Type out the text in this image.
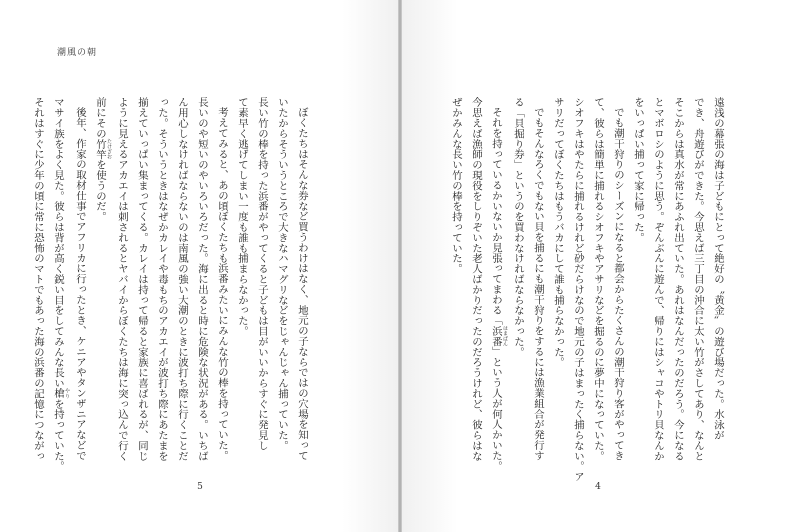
潮風の朝
ぼくたちはそんな券など買うわけはなく、地元の子ならではの穴場を知って
いたからそういうところで大きなハマグリなどをじゃんじゃん捕っていた。
長い竹の棒を持った浜番がやってくると子どもは目がいいからすぐに発見し
て素早く逃げてしまい一度も誰も捕まらなかった。
考えてみると、あの頃ぼくたちも浜番みたいにみんな竹の棒を持っていた。
長いのや短いのやいろいろだった。海に出ると時に危険な状況がある。いちば
ん用心しなければならないのは南風の強い大潮のときに波打ち際に行くことだ
った。そういうときはなぜかカレイや毒もちのアカエイが波打ち際にあたまを
揃えていっぱい集まってくる。カレイは持って帰ると家族に喜ばれるが、同じ
ように見えるアカエイは刺されるとヤバイからぼくたちは海に突っ込んで行く
前にその竹竿 たけざおを使うのだ。
後年、作家の取材仕事でアフリカに行ったとき、ケニアやタンザニアなどで
マサイ族をよく見た。彼らは背が高く鋭い目をしてみんな長い槍 やりを持っていた。
それはすぐに少年の頃に常に恐怖のマトでもあった海の浜番の記憶につながっ
5
遠浅の幕張の海は子どもにとって絶好の〝黄金〟の遊び場だった。水泳が
でき、舟遊びができた。今思えば三丁目の沖合に太い竹がさしてあり、なんと
そこからは真水が常にあふれ出ていた。あれはなんだったのだろう。今になる
とマボロシのように思う。ぞんぶんに遊んで、帰りにはシャコやトリ貝なんか
をいっぱい捕って家に帰った。
でも潮干狩りのシーズンになると都会からたくさんの潮干狩り客がやってき
て、彼らは簡単に捕れるシオフキやアサリなどを掘るのに夢中になっていた。
シオフキはやたらに捕れるけれど砂だらけなので地元の子はまったく捕らない。ア
サリだってぼくたちはもうバカにして誰も捕らなかった。
でもそんなろくでもない貝を捕るにも潮干狩りをするには漁業組合が発行す
る「貝掘り券」というのを買わなければならなかった。
それを持っているかいないか見張ってまわる「浜番 はまばん」という人が何人かいた。
今思えば漁師の現役をしりぞいた老人ばかりだったのだろうけれど、彼らはな
ぜかみんな長い竹の棒を持っていた。
4
